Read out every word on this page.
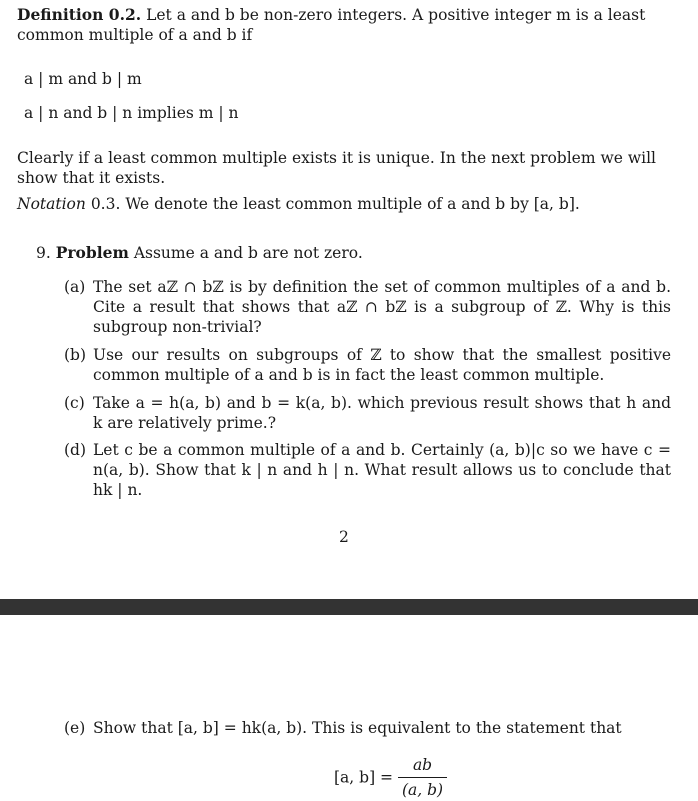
Definition 0.2. Let a and b be non-zero integers. A positive integer m is a least common multiple of a and b if
a | m and b | m
a | n and b | n implies m | n
Clearly if a least common multiple exists it is unique. In the next problem we will show that it exists.
Notation 0.3. We denote the least common multiple of a and b by [a, b].
9. Problem Assume a and b are not zero.
(a) The set aℤ ∩ bℤ is by definition the set of common multiples of a and b. Cite a result that shows that aℤ ∩ bℤ is a subgroup of ℤ. Why is this subgroup non-trivial?
(b) Use our results on subgroups of ℤ to show that the smallest positive common multiple of a and b is in fact the least common multiple.
(c) Take a = h(a, b) and b = k(a, b). which previous result shows that h and k are relatively prime.?
(d) Let c be a common multiple of a and b. Certainly (a, b)|c so we have c = n(a, b). Show that k | n and h | n. What result allows us to conclude that hk | n.
2
(e) Show that [a, b] = hk(a, b). This is equivalent to the statement that
[a, $b] = \frac{ab}{(a, b)}$
